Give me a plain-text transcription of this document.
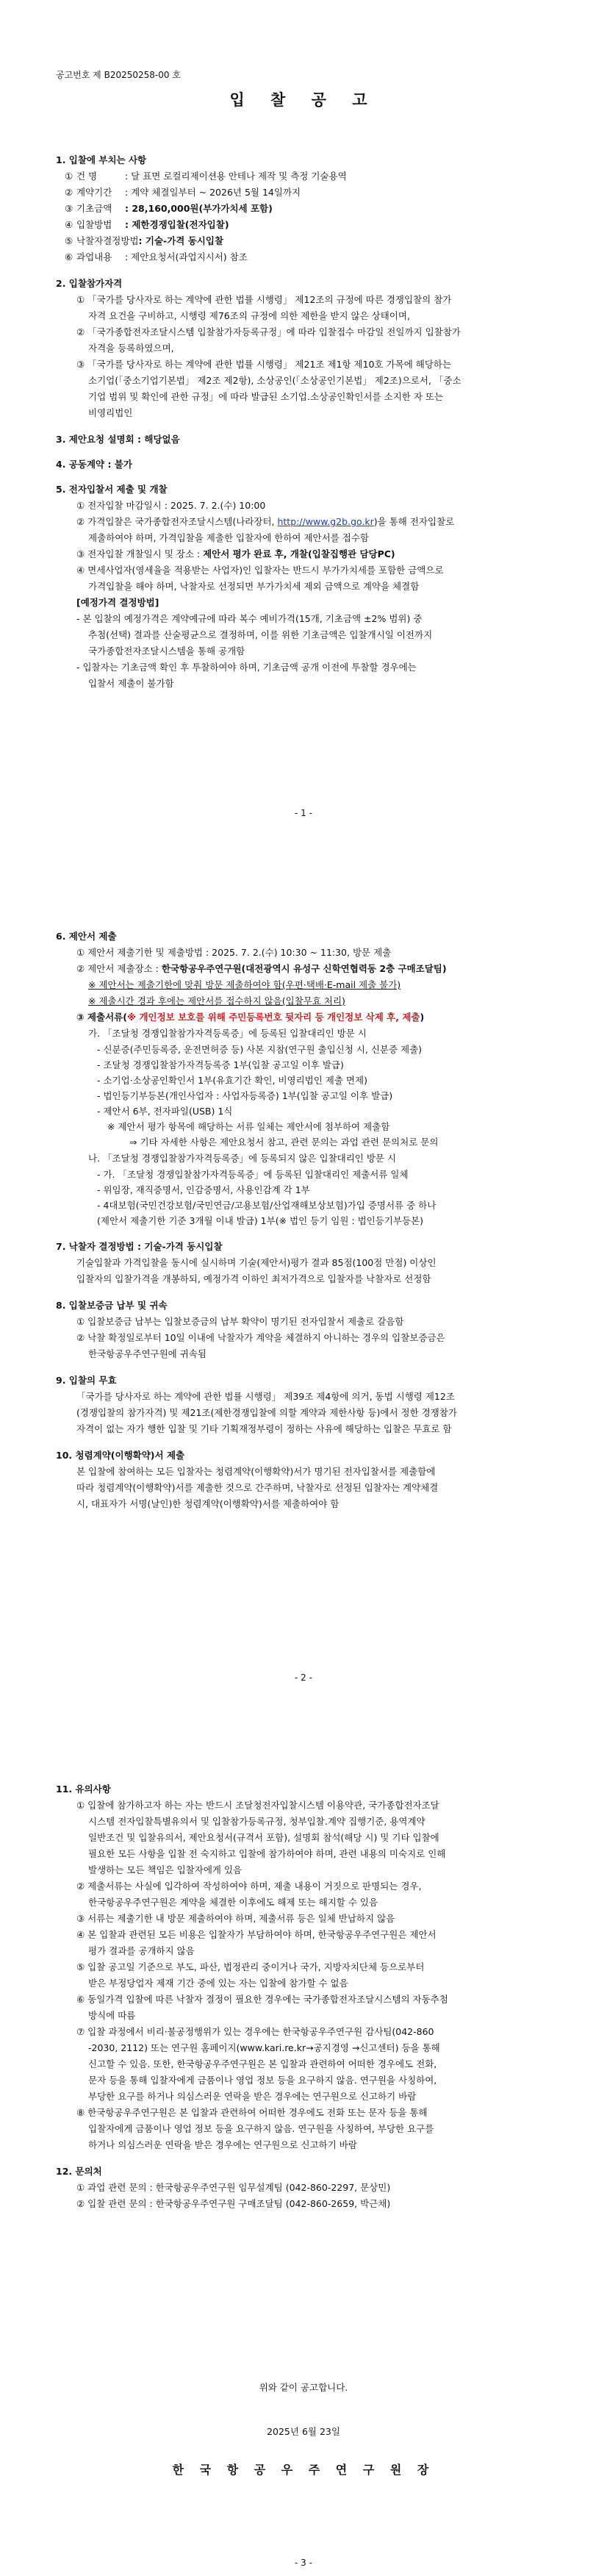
공고번호 제 B20250258-00 호
입 찰 공 고

1. 입찰에 부치는 사항

① 건 명	: 달 표면 로컬리제이션용 안테나 제작 및 측정 기술용역
② 계약기간 : 계약 체결일부터 ~ 2026년 5월 14일까지
③ 기초금액 : 28,160,000원(부가가치세 포함)
④ 입찰방법 : 제한경쟁입찰(전자입찰)
⑤ 낙찰자결정방법: 기술-가격 동시입찰
⑥ 과업내용 : 제안요청서(과업지시서) 참조

2. 입찰참가자격

① 「국가를 당사자로 하는 계약에 관한 법률 시행령」 제12조의 규정에 따른 경쟁입찰의 참가
자격 요건을 구비하고, 시행령 제76조의 규정에 의한 제한을 받지 않은 상태이며,
② 「국가종합전자조달시스템 입찰참가자등록규정」에 따라 입찰접수 마감일 전일까지 입찰참가
자격을 등록하였으며,
③ 「국가를 당사자로 하는 계약에 관한 법률 시행령」 제21조 제1항 제10호 가목에 해당하는
소기업(「중소기업기본법」 제2조 제2항), 소상공인(「소상공인기본법」 제2조)으로서, 「중소
기업 범위 및 확인에 관한 규정」에 따라 발급된 소기업․소상공인확인서를 소지한 자 또는
비영리법인

3. 제안요청 설명회 : 해당없음

4. 공동계약 : 불가

5. 전자입찰서 제출 및 개찰

① 전자입찰 마감일시 : 2025. 7. 2.(수) 10:00
② 가격입찰은 국가종합전자조달시스템(나라장터, http://www.g2b.go.kr)을 통해 전자입찰로
제출하여야 하며, 가격입찰을 제출한 입찰자에 한하여 제안서를 접수함
③ 전자입찰 개찰일시 및 장소 : 제안서 평가 완료 후, 개찰(입찰집행관 담당PC)
④ 면세사업자(영세율을 적용받는 사업자)인 입찰자는 반드시 부가가치세를 포함한 금액으로
가격입찰을 해야 하며, 낙찰자로 선정되면 부가가치세 제외 금액으로 계약을 체결함
[예정가격 결정방법]
- 본 입찰의 예정가격은 계약예규에 따라 복수 예비가격(15개, 기초금액 ±2% 범위) 중
추첨(선택) 결과를 산술평균으로 결정하며, 이를 위한 기초금액은 입찰개시일 이전까지
국가종합전자조달시스템을 통해 공개함
- 입찰자는 기초금액 확인 후 투찰하여야 하며, 기초금액 공개 이전에 투찰할 경우에는
입찰서 제출이 불가함
- 1 -

6. 제안서 제출

① 제안서 제출기한 및 제출방법 : 2025. 7. 2.(수) 10:30 ~ 11:30, 방문 제출
② 제안서 제출장소 : 한국항공우주연구원(대전광역시 유성구 신학연협력동 2층 구매조달팀)
※ 제안서는 제출기한에 맞춰 방문 제출하여야 함(우편·택배·E-mail 제출 불가)
※ 제출시간 경과 후에는 제안서를 접수하지 않음(입찰무효 처리)
③ 제출서류(※ 개인정보 보호를 위해 주민등록번호 뒷자리 등 개인정보 삭제 후, 제출)
가. 「조달청 경쟁입찰참가자격등록증」에 등록된 입찰대리인 방문 시
- 신분증(주민등록증, 운전면허증 등) 사본 지참(연구원 출입신청 시, 신분증 제출)
- 조달청 경쟁입찰참가자격등록증 1부(입찰 공고일 이후 발급)
- 소기업·소상공인확인서 1부(유효기간 확인, 비영리법인 제출 면제)
- 법인등기부등본(개인사업자 : 사업자등록증) 1부(입찰 공고일 이후 발급)
- 제안서 6부, 전자파일(USB) 1식
※ 제안서 평가 항목에 해당하는 서류 일체는 제안서에 첨부하여 제출함
⇒ 기타 자세한 사항은 제안요청서 참고, 관련 문의는 과업 관련 문의처로 문의
나. 「조달청 경쟁입찰참가자격등록증」에 등록되지 않은 입찰대리인 방문 시
- 가. 「조달청 경쟁입찰참가자격등록증」에 등록된 입찰대리인 제출서류 일체
- 위임장, 재직증명서, 인감증명서, 사용인감계 각 1부
- 4대보험(국민건강보험/국민연금/고용보험/산업재해보상보험)가입 증명서류 중 하나
(제안서 제출기한 기준 3개월 이내 발급) 1부(※ 법인 등기 임원 : 법인등기부등본)

7. 낙찰자 결정방법 : 기술-가격 동시입찰

기술입찰과 가격입찰을 동시에 실시하며 기술(제안서)평가 결과 85점(100점 만점) 이상인
입찰자의 입찰가격을 개봉하되, 예정가격 이하인 최저가격으로 입찰자를 낙찰자로 선정함

8. 입찰보증금 납부 및 귀속

① 입찰보증금 납부는 입찰보증금의 납부 확약이 명기된 전자입찰서 제출로 갈음함
② 낙찰 확정일로부터 10일 이내에 낙찰자가 계약을 체결하지 아니하는 경우의 입찰보증금은
한국항공우주연구원에 귀속됨

9. 입찰의 무효

「국가를 당사자로 하는 계약에 관한 법률 시행령」 제39조 제4항에 의거, 동법 시행령 제12조
(경쟁입찰의 참가자격) 및 제21조(제한경쟁입찰에 의할 계약과 제한사항 등)에서 정한 경쟁참가
자격이 없는 자가 행한 입찰 및 기타 기획재정부령이 정하는 사유에 해당하는 입찰은 무효로 함

10. 청렴계약(이행확약)서 제출

본 입찰에 참여하는 모든 입찰자는 청렴계약(이행확약)서가 명기된 전자입찰서를 제출함에
따라 청렴계약(이행확약)서를 제출한 것으로 간주하며, 낙찰자로 선정된 입찰자는 계약체결
시, 대표자가 서명(날인)한 청렴계약(이행확약)서를 제출하여야 함
- 2 -

11. 유의사항

① 입찰에 참가하고자 하는 자는 반드시 조달청전자입찰시스템 이용약관, 국가종합전자조달
시스템 전자입찰특별유의서 및 입찰참가등록규정, 청부입찰․계약 집행기준, 용역계약
일반조건 및 입찰유의서, 제안요청서(규격서 포함), 설명회 참석(해당 시) 및 기타 입찰에
필요한 모든 사항을 입찰 전 숙지하고 입찰에 참가하여야 하며, 관련 내용의 미숙지로 인해
발생하는 모든 책임은 입찰자에게 있음
② 제출서류는 사실에 입각하여 작성하여야 하며, 제출 내용이 거짓으로 판명되는 경우,
한국항공우주연구원은 계약을 체결한 이후에도 해제 또는 해지할 수 있음
③ 서류는 제출기한 내 방문 제출하여야 하며, 제출서류 등은 일체 반납하지 않음
④ 본 입찰과 관련된 모든 비용은 입찰자가 부담하여야 하며, 한국항공우주연구원은 제안서
평가 결과를 공개하지 않음
⑤ 입찰 공고일 기준으로 부도, 파산, 법정관리 중이거나 국가, 지방자치단체 등으로부터
받은 부정당업자 제재 기간 중에 있는 자는 입찰에 참가할 수 없음
⑥ 동일가격 입찰에 따른 낙찰자 결정이 필요한 경우에는 국가종합전자조달시스템의 자동추첨
방식에 따름
⑦ 입찰 과정에서 비리·불공정행위가 있는 경우에는 한국항공우주연구원 감사팀(042-860
-2030, 2112) 또는 연구원 홈페이지(www.kari.re.kr→공지경영 →신고센터) 등을 통해
신고할 수 있음. 또한, 한국항공우주연구원은 본 입찰과 관련하여 어떠한 경우에도 전화,
문자 등을 통해 입찰자에게 금품이나 영업 정보 등을 요구하지 않음. 연구원을 사칭하여,
부당한 요구를 하거나 의심스러운 연락을 받은 경우에는 연구원으로 신고하기 바람
⑧ 한국항공우주연구원은 본 입찰과 관련하여 어떠한 경우에도 전화 또는 문자 등을 통해
입찰자에게 금품이나 영업 정보 등을 요구하지 않음. 연구원을 사칭하여, 부당한 요구를
하거나 의심스러운 연락을 받은 경우에는 연구원으로 신고하기 바람

12. 문의처

① 과업 관련 문의 : 한국항공우주연구원 임무설계팀 (042-860-2297, 문상민)
② 입찰 관련 문의 : 한국항공우주연구원 구매조달팀 (042-860-2659, 박근채)
위와 같이 공고합니다.
2025년 6월 23일
한 국 항 공 우 주 연 구 원 장
- 3 -
